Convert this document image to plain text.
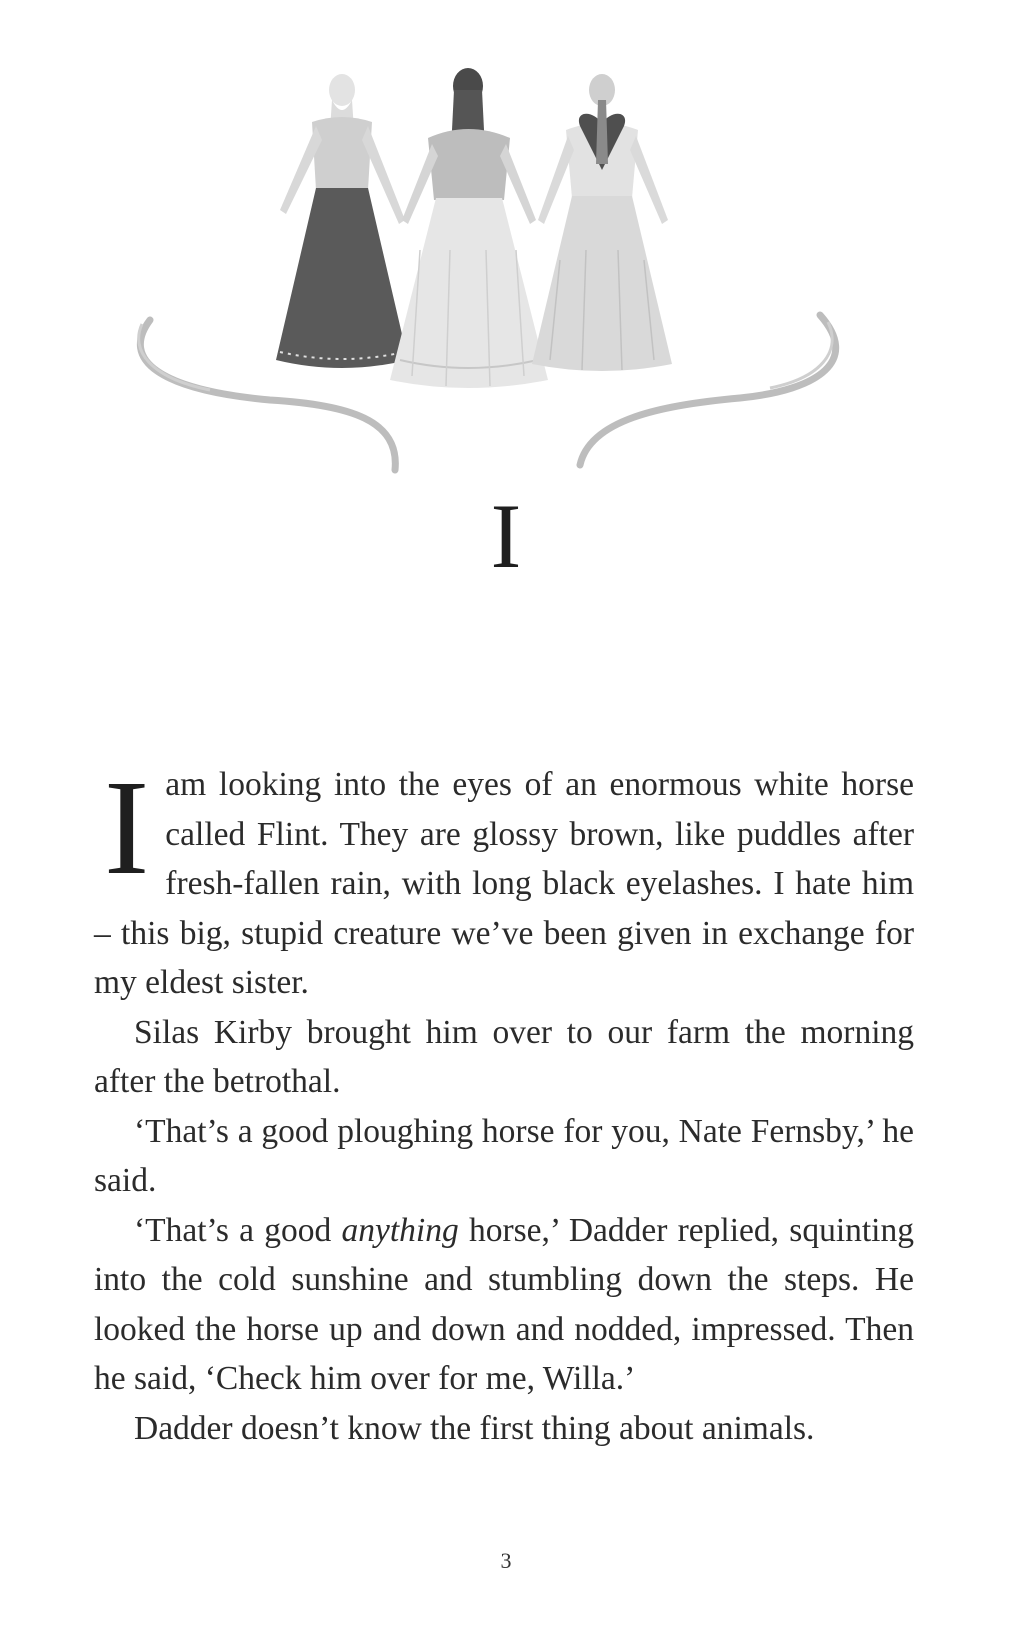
I

Iam looking into the eyes of an enormous white horse called Flint. They are glossy brown, like puddles after fresh-fallen rain, with long black eyelashes. I hate him – this big, stupid creature we’ve been given in exchange for my eldest sister.

Silas Kirby brought him over to our farm the morning after the betrothal.

‘That’s a good ploughing horse for you, Nate Fernsby,’ he said.

‘That’s a good anything horse,’ Dadder replied, squinting into the cold sunshine and stumbling down the steps. He looked the horse up and down and nodded, impressed. Then he said, ‘Check him over for me, Willa.’

Dadder doesn’t know the first thing about animals.

3
